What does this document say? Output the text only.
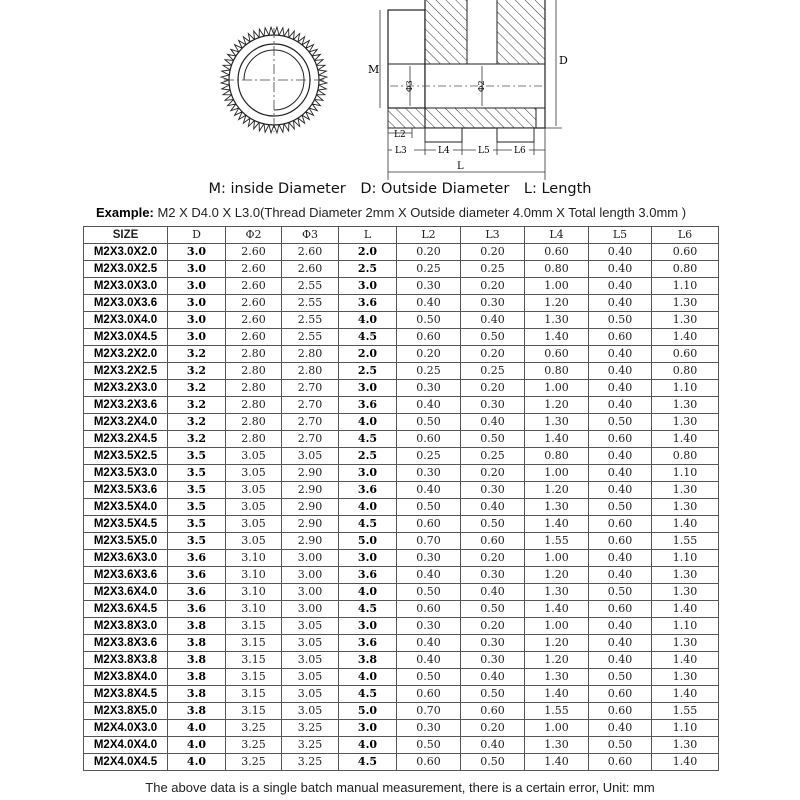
Φ3	Φ2
M
D
L2
L3	L4	L5	L6
L
M: inside Diameter D: Outside Diameter L: Length
Example: M2 X D4.0 X L3.0(Thread Diameter 2mm X Outside diameter 4.0mm X Total length 3.0mm )
SIZE	D	Φ2	Φ3	L	L2	L3	L4	L5	L6
M2X3.0X2.0	3.0	2.60	2.60	2.0	0.20	0.20	0.60	0.40	0.60
M2X3.0X2.5	3.0	2.60	2.60	2.5	0.25	0.25	0.80	0.40	0.80
M2X3.0X3.0	3.0	2.60	2.55	3.0	0.30	0.20	1.00	0.40	1.10
M2X3.0X3.6	3.0	2.60	2.55	3.6	0.40	0.30	1.20	0.40	1.30
M2X3.0X4.0	3.0	2.60	2.55	4.0	0.50	0.40	1.30	0.50	1.30
M2X3.0X4.5	3.0	2.60	2.55	4.5	0.60	0.50	1.40	0.60	1.40
M2X3.2X2.0	3.2	2.80	2.80	2.0	0.20	0.20	0.60	0.40	0.60
M2X3.2X2.5	3.2	2.80	2.80	2.5	0.25	0.25	0.80	0.40	0.80
M2X3.2X3.0	3.2	2.80	2.70	3.0	0.30	0.20	1.00	0.40	1.10
M2X3.2X3.6	3.2	2.80	2.70	3.6	0.40	0.30	1.20	0.40	1.30
M2X3.2X4.0	3.2	2.80	2.70	4.0	0.50	0.40	1.30	0.50	1.30
M2X3.2X4.5	3.2	2.80	2.70	4.5	0.60	0.50	1.40	0.60	1.40
M2X3.5X2.5	3.5	3.05	3.05	2.5	0.25	0.25	0.80	0.40	0.80
M2X3.5X3.0	3.5	3.05	2.90	3.0	0.30	0.20	1.00	0.40	1.10
M2X3.5X3.6	3.5	3.05	2.90	3.6	0.40	0.30	1.20	0.40	1.30
M2X3.5X4.0	3.5	3.05	2.90	4.0	0.50	0.40	1.30	0.50	1.30
M2X3.5X4.5	3.5	3.05	2.90	4.5	0.60	0.50	1.40	0.60	1.40
M2X3.5X5.0	3.5	3.05	2.90	5.0	0.70	0.60	1.55	0.60	1.55
M2X3.6X3.0	3.6	3.10	3.00	3.0	0.30	0.20	1.00	0.40	1.10
M2X3.6X3.6	3.6	3.10	3.00	3.6	0.40	0.30	1.20	0.40	1.30
M2X3.6X4.0	3.6	3.10	3.00	4.0	0.50	0.40	1.30	0.50	1.30
M2X3.6X4.5	3.6	3.10	3.00	4.5	0.60	0.50	1.40	0.60	1.40
M2X3.8X3.0	3.8	3.15	3.05	3.0	0.30	0.20	1.00	0.40	1.10
M2X3.8X3.6	3.8	3.15	3.05	3.6	0.40	0.30	1.20	0.40	1.30
M2X3.8X3.8	3.8	3.15	3.05	3.8	0.40	0.30	1.20	0.40	1.40
M2X3.8X4.0	3.8	3.15	3.05	4.0	0.50	0.40	1.30	0.50	1.30
M2X3.8X4.5	3.8	3.15	3.05	4.5	0.60	0.50	1.40	0.60	1.40
M2X3.8X5.0	3.8	3.15	3.05	5.0	0.70	0.60	1.55	0.60	1.55
M2X4.0X3.0	4.0	3.25	3.25	3.0	0.30	0.20	1.00	0.40	1.10
M2X4.0X4.0	4.0	3.25	3.25	4.0	0.50	0.40	1.30	0.50	1.30
M2X4.0X4.5	4.0	3.25	3.25	4.5	0.60	0.50	1.40	0.60	1.40
The above data is a single batch manual measurement, there is a certain error, Unit: mm
